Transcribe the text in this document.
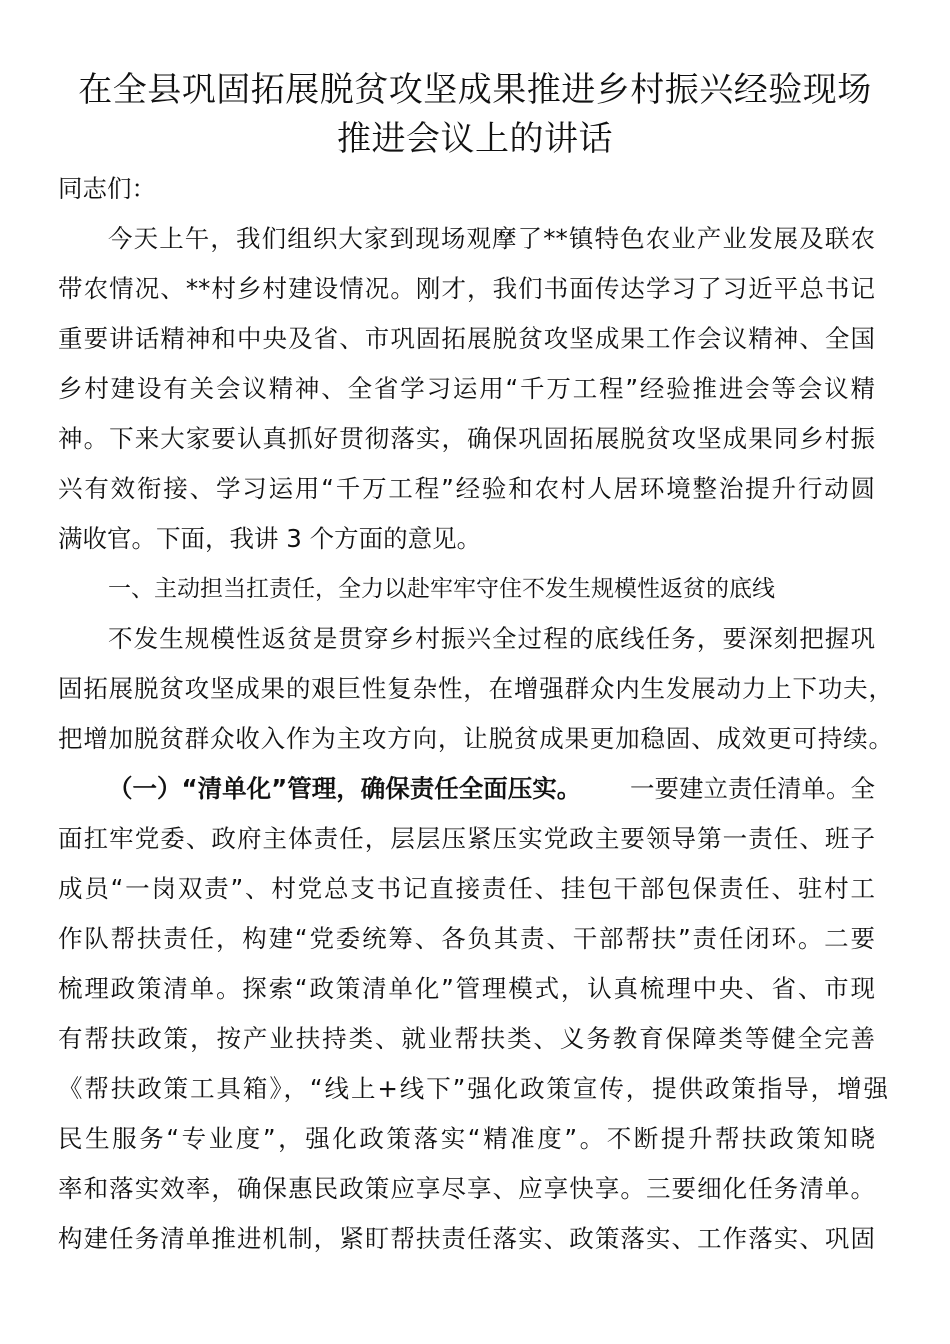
在全县巩固拓展脱贫攻坚成果推进乡村振兴经验现场
推进会议上的讲话
同志们：
今天上午，我们组织大家到现场观摩了**镇特色农业产业发展及联农
带农情况、**村乡村建设情况。刚才，我们书面传达学习了习近平总书记
重要讲话精神和中央及省、市巩固拓展脱贫攻坚成果工作会议精神、全国
乡村建设有关会议精神、全省学习运用“千万工程”经验推进会等会议精
神。下来大家要认真抓好贯彻落实，确保巩固拓展脱贫攻坚成果同乡村振
兴有效衔接、学习运用“千万工程”经验和农村人居环境整治提升行动圆
满收官。下面，我讲 3 个方面的意见。
一、主动担当扛责任，全力以赴牢牢守住不发生规模性返贫的底线
不发生规模性返贫是贯穿乡村振兴全过程的底线任务，要深刻把握巩
固拓展脱贫攻坚成果的艰巨性复杂性，在增强群众内生发展动力上下功夫，
把增加脱贫群众收入作为主攻方向，让脱贫成果更加稳固、成效更可持续。
（一）“清单化”管理，确保责任全面压实。 一要建立责任清单。全
面扛牢党委、政府主体责任，层层压紧压实党政主要领导第一责任、班子
成员“一岗双责”、村党总支书记直接责任、挂包干部包保责任、驻村工
作队帮扶责任，构建“党委统筹、各负其责、干部帮扶”责任闭环。二要
梳理政策清单。探索“政策清单化”管理模式，认真梳理中央、省、市现
有帮扶政策，按产业扶持类、就业帮扶类、义务教育保障类等健全完善
《帮扶政策工具箱》，“线上+线下”强化政策宣传，提供政策指导，增强
民生服务“专业度”，强化政策落实“精准度”。不断提升帮扶政策知晓
率和落实效率，确保惠民政策应享尽享、应享快享。三要细化任务清单。
构建任务清单推进机制，紧盯帮扶责任落实、政策落实、工作落实、巩固
